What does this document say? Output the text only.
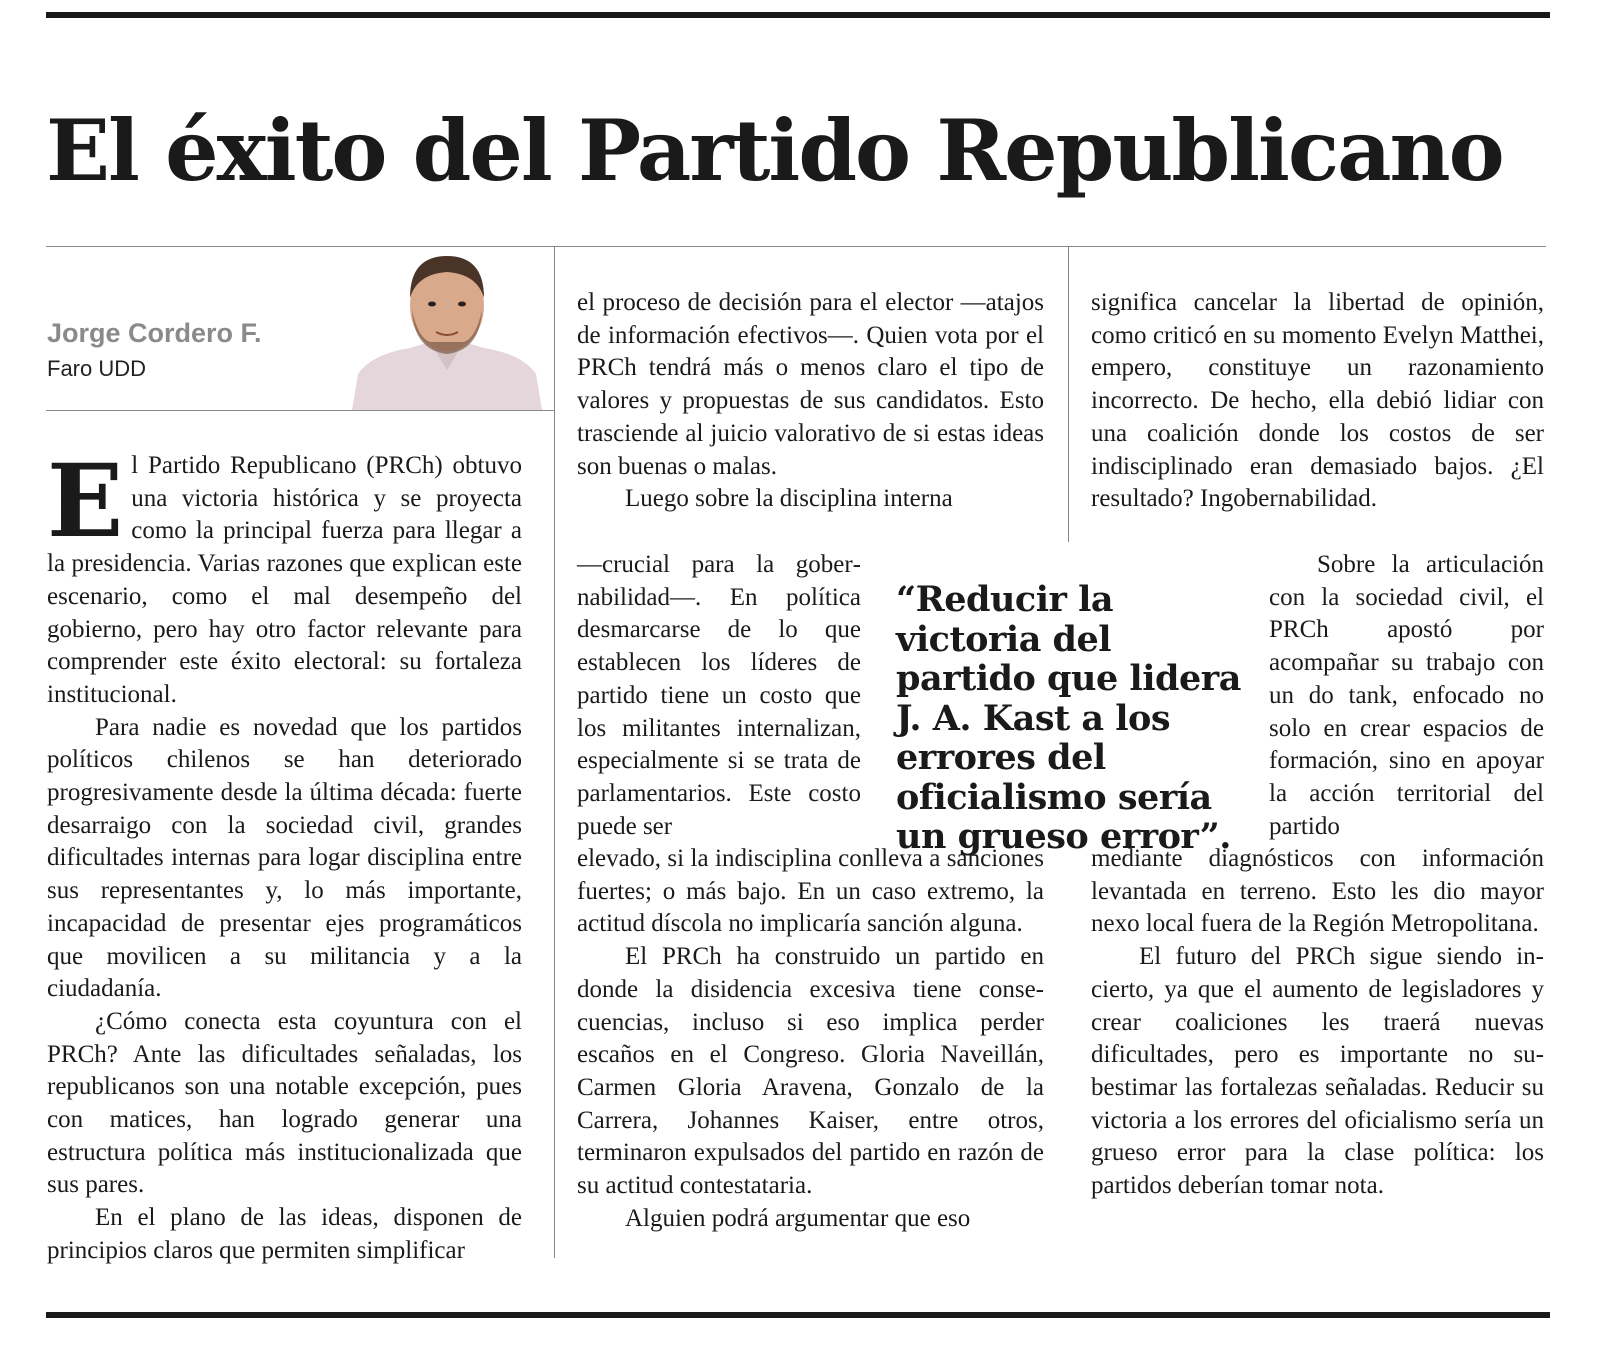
El éxito del Partido Republicano
Jorge Cordero F.
Faro UDD

El Partido Republicano (PRCh) obtuvo una victoria histórica y se proyecta como la principal fuerza para llegar a la presidencia. Varias razones que explican este escenario, como el mal desempeño del gobierno, pero hay otro factor relevante para comprender este éxito electoral: su fortaleza institucional.

Para nadie es novedad que los partidos políticos chilenos se han deteriorado progresivamente desde la última década: fuerte desarraigo con la sociedad civil, grandes dificultades internas para logar disciplina entre sus representantes y, lo más importante, incapacidad de presentar ejes programáticos que movilicen a su militancia y a la ciudadanía.

¿Cómo conecta esta coyuntura con el PRCh? Ante las dificultades señaladas, los republicanos son una notable excepción, pues con matices, han logrado generar una estructura política más institucionalizada que sus pares.

En el plano de las ideas, disponen de principios claros que permiten simplificar

el proceso de decisión para el elector —atajos de información efectivos—. Quien vota por el PRCh tendrá más o menos claro el tipo de valores y propuestas de sus candidatos. Esto trasciende al juicio valorativo de si estas ideas son buenas o malas.

Luego sobre la disciplina interna

—crucial para la gobernabilidad—. En política desmarcarse de lo que establecen los líderes de partido tiene un costo que los militantes internalizan, especialmente si se trata de parlamentarios. Este costo puede ser

elevado, si la indisciplina conlleva a sanciones fuertes; o más bajo. En un caso extremo, la actitud díscola no implicaría sanción alguna.

El PRCh ha construido un partido en donde la disidencia excesiva tiene consecuencias, incluso si eso implica perder escaños en el Congreso. Gloria Naveillán, Carmen Gloria Aravena, Gonzalo de la Carrera, Johannes Kaiser, entre otros, terminaron expulsados del partido en razón de su actitud contestataria.

Alguien podrá argumentar que eso

“Reducir la victoria del partido que lidera J. A. Kast a los errores del oficialismo sería un grueso error”.

significa cancelar la libertad de opinión, como criticó en su momento Evelyn Matthei, empero, constituye un razonamiento incorrecto. De hecho, ella debió lidiar con una coalición donde los costos de ser indisciplinado eran demasiado bajos. ¿El resultado? Ingobernabilidad.

Sobre la articulación con la sociedad civil, el PRCh apostó por acompañar su trabajo con un do tank, enfocado no solo en crear espacios de formación, sino en apoyar la acción territorial del partido

mediante diagnósticos con información levantada en terreno. Esto les dio mayor nexo local fuera de la Región Metropolitana.

El futuro del PRCh sigue siendo incierto, ya que el aumento de legisladores y crear coaliciones les traerá nuevas dificultades, pero es importante no subestimar las fortalezas señaladas. Reducir su victoria a los errores del oficialismo sería un grueso error para la clase política: los partidos deberían tomar nota.
